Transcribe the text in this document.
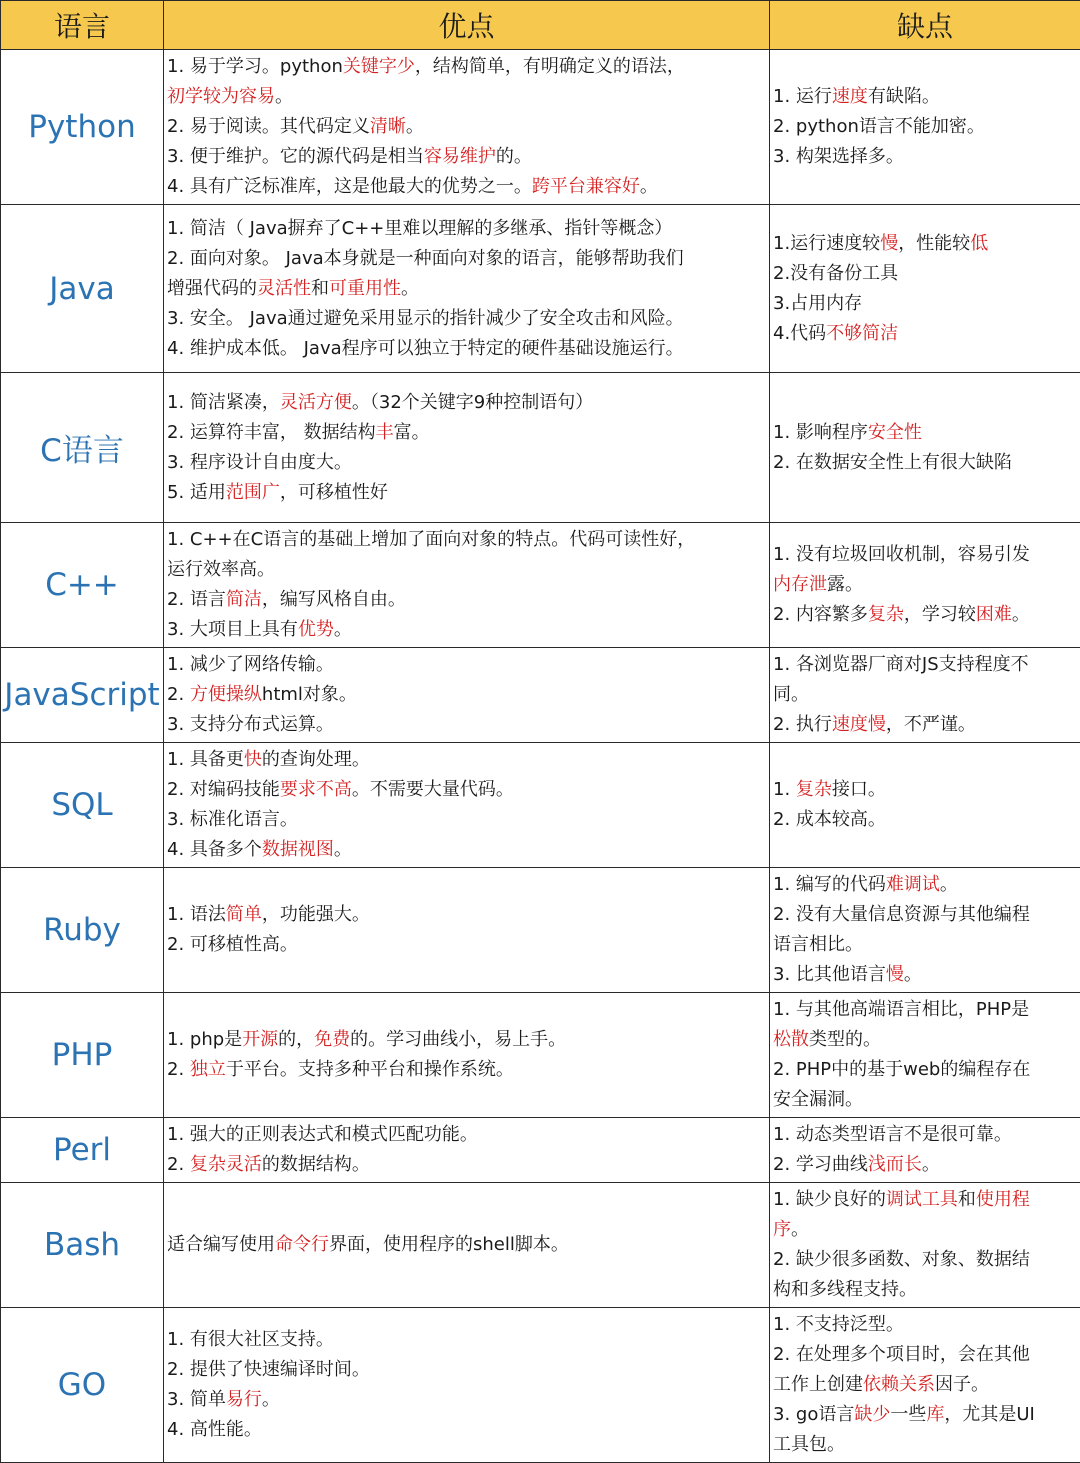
语言	优点	缺点
Python	1. 易于学习。python关键字少，结构简单，有明确定义的语法，
初学较为容易。
2. 易于阅读。其代码定义清晰。
3. 便于维护。它的源代码是相当容易维护的。
4. 具有广泛标准库，这是他最大的优势之一。跨平台兼容好。	1. 运行速度有缺陷。
2. python语言不能加密。
3. 构架选择多。

Java	1. 简洁（ Java摒弃了C++里难以理解的多继承、指针等概念）
2. 面向对象。 Java本身就是一种面向对象的语言，能够帮助我们
增强代码的灵活性和可重用性。
3. 安全。 Java通过避免采用显示的指针减少了安全攻击和风险。
4. 维护成本低。 Java程序可以独立于特定的硬件基础设施运行。	1.运行速度较慢，性能较低
2.没有备份工具
3.占用内存
4.代码不够简洁

C语言	1. 简洁紧凑，灵活方便。（32个关键字9种控制语句）
2. 运算符丰富， 数据结构丰富。
3. 程序设计自由度大。
5. 适用范围广，可移植性好	1. 影响程序安全性
2. 在数据安全性上有很大缺陷

C++	1. C++在C语言的基础上增加了面向对象的特点。代码可读性好，
运行效率高。
2. 语言简洁，编写风格自由。
3. 大项目上具有优势。	1. 没有垃圾回收机制，容易引发
内存泄露。
2. 内容繁多复杂，学习较困难。

JavaScript	1. 减少了网络传输。
2. 方便操纵html对象。
3. 支持分布式运算。	1. 各浏览器厂商对JS支持程度不
同。
2. 执行速度慢，不严谨。

SQL	1. 具备更快的查询处理。
2. 对编码技能要求不高。不需要大量代码。
3. 标准化语言。
4. 具备多个数据视图。	1. 复杂接口。
2. 成本较高。

Ruby	1. 语法简单，功能强大。
2. 可移植性高。	1. 编写的代码难调试。
2. 没有大量信息资源与其他编程
语言相比。
3. 比其他语言慢。

PHP	1. php是开源的，免费的。学习曲线小，易上手。
2. 独立于平台。支持多种平台和操作系统。	1. 与其他高端语言相比，PHP是
松散类型的。
2. PHP中的基于web的编程存在
安全漏洞。

Perl	1. 强大的正则表达式和模式匹配功能。
2. 复杂灵活的数据结构。	1. 动态类型语言不是很可靠。
2. 学习曲线浅而长。

Bash	适合编写使用命令行界面，使用程序的shell脚本。	1. 缺少良好的调试工具和使用程
序。
2. 缺少很多函数、对象、数据结
构和多线程支持。

GO	1. 有很大社区支持。
2. 提供了快速编译时间。
3. 简单易行。
4. 高性能。	1. 不支持泛型。
2. 在处理多个项目时，会在其他
工作上创建依赖关系因子。
3. go语言缺少一些库，尤其是UI
工具包。
